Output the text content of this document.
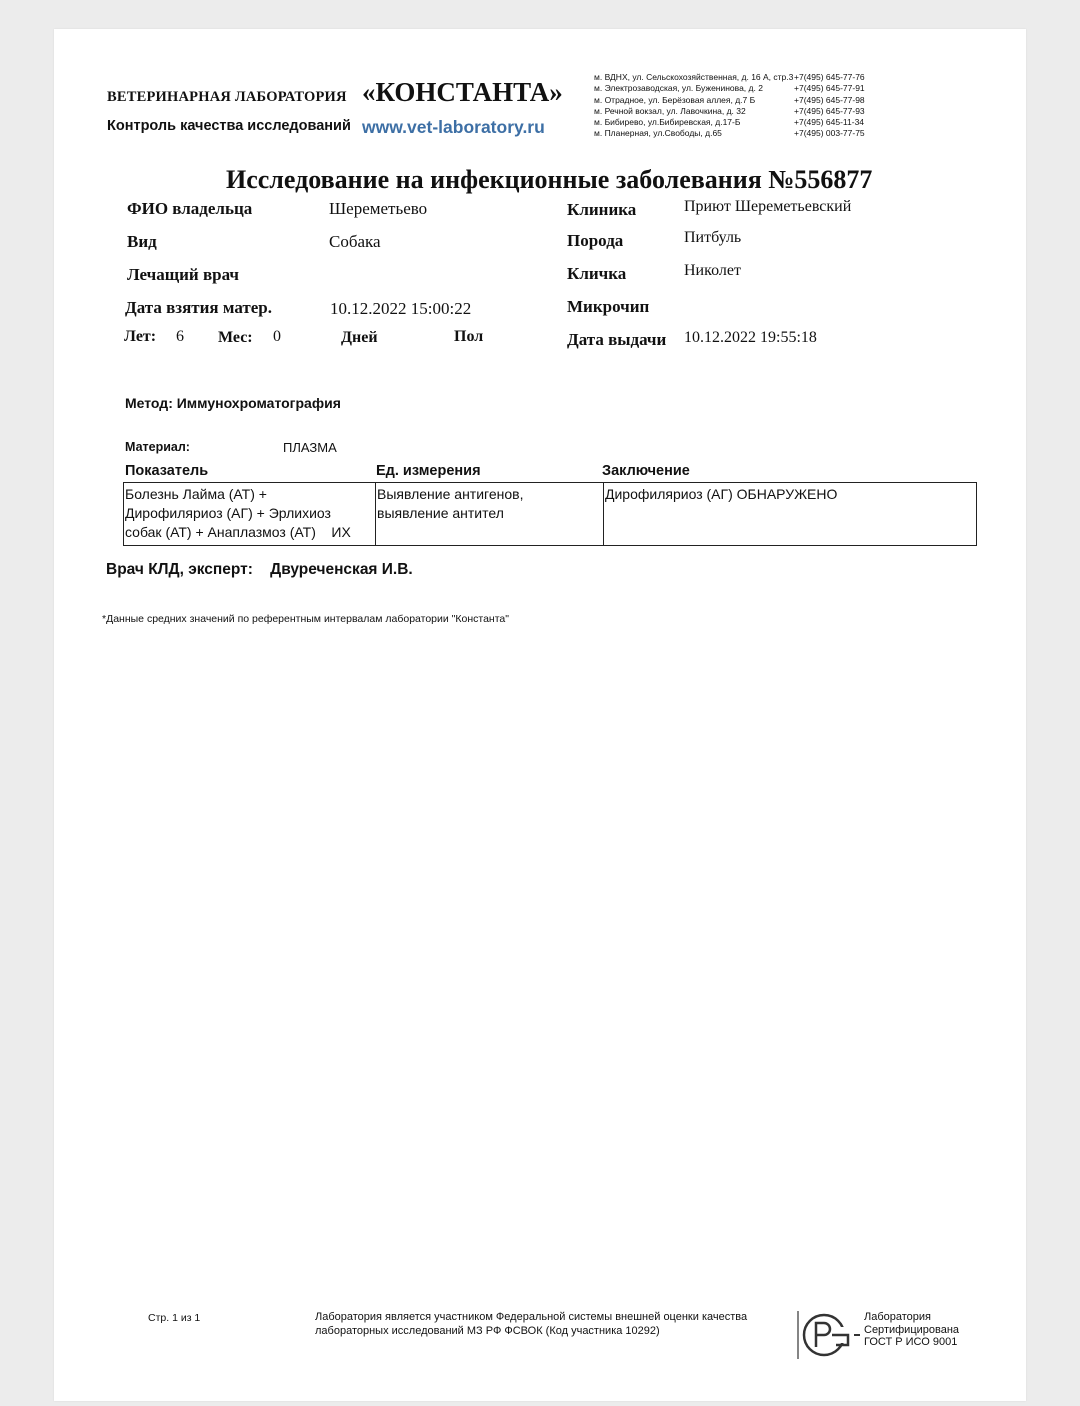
ВЕТЕРИНАРНАЯ ЛАБОРАТОРИЯ «КОНСТАНТА»
Контроль качества исследований www.vet-laboratory.ru
м. ВДНХ, ул. Сельскохозяйственная, д. 16 А, стр.3 +7(495) 645-77-76
м. Электрозаводская, ул. Буженинова, д. 2	+7(495) 645-77-91
м. Отрадное, ул. Берёзовая аллея, д.7 Б	+7(495) 645-77-98
м. Речной вокзал, ул. Лавочкина, д. 32	+7(495) 645-77-93
м. Бибирево, ул.Бибиревская, д.17-Б	+7(495) 645-11-34
м. Планерная, ул.Свободы, д.65	+7(495) 003-77-75
Исследование на инфекционные заболевания №556877
ФИО владельца	Шереметьево
Вид	Собака
Лечащий врач
Дата взятия матер.	10.12.2022 15:00:22
Лет: 6 Мес: 0	Дней	Пол
Клиника	Приют Шереметьевский
Порода	Питбуль
Кличка	Николет
Микрочип
Дата выдачи 10.12.2022 19:55:18
Метод: Иммунохроматография
Материал:	ПЛАЗМА
Показатель	Ед. измерения	Заключение
Болезнь Лайма (АТ) +
Дирофиляриоз (АГ) + Эрлихиоз
собак (АТ) + Анаплазмоз (АТ)    ИХ

Выявление антигенов,
выявление антител

Дирофиляриоз (АГ) ОБНАРУЖЕНО
Врач КЛД, эксперт:    Двуреченская И.В.
*Данные средних значений по референтным интервалам лаборатории "Константа"
Стр. 1 из 1	Лаборатория является участником Федеральной системы внешней оценки качества лабораторных исследований МЗ РФ ФСВОК (Код участника 10292)
Лаборатория
Сертифицирована
ГОСТ Р ИСО 9001
